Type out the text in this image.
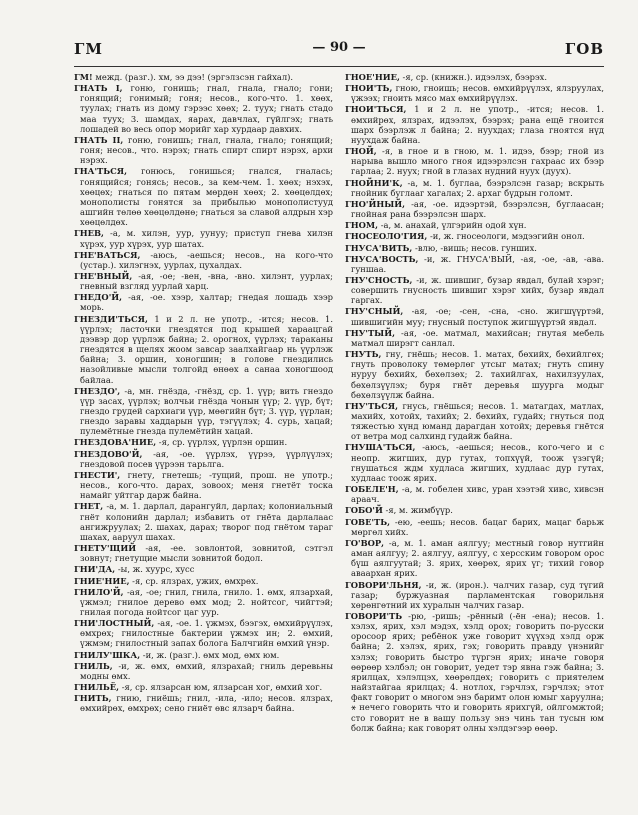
ГМ	— 90 —	ГОВ

ГМ! межд. (разг.). хм, ээ дээ! (эргэлзсэн гайхал).

ГНАТЬ I, гоню, гонишь; гнал, гнала, гнало; гони; гонящий; гонимый; гоня; несов., кого-что. 1. хөөх, туулах; гнать из дому гэрээс хөөх; 2. туух; гнать стадо маа туух; 3. шамдах, яарах, давчлах, гүйлгэх; гнать лошадей во весь опор морийг хар хурдаар давхих.

ГНАТЬ II, гоню, гонишь; гнал, гнала, гнало; гонящий; гоня; несов., что. нэрэх; гнать спирт спирт нэрэх, архи нэрэх.

ГНА'ТЬСЯ, гонюсь, гонишься; гнался, гналась; гонящийся; гонясь; несов., за кем-чем. 1. хөөх; нэхэх, хөөцөх; гнаться по пятам мөрдөн хөөх; 2. хөөцөлдөх; монополисты гонятся за прибылью монополистууд ашгийн төлөө хөөцөлдөнө; гнаться за славой алдрын хэр хөөцөлдөх.

ГНЕВ, -а, м. хилэн, уур, уунуу; приступ гнева хилэн хүрэх, уур хүрэх, уур шатах.

ГНЕ'ВАТЬСЯ, -аюсь, -аешься; несов., на кого-что (устар.). хилэгнэх, уурлах, цухалдах.

ГНЕ'ВНЫЙ, -ая, -ое; -вен, -вна, -вно. хилэнт, уурлах; гневный взгляд уурлай харц.

ГНЕДО'Й, -ая, -ое. хээр, халтар; гнедая лошадь хээр морь.

ГНЕЗДИ'ТЬСЯ, 1 и 2 л. не употр., -ится; несов. 1. үүрлэх; ласточки гнездятся под крышей хараацгай дээвэр дор үүрлэж байна; 2. орогнох, үүрлэх; тараканы гнездятся в щелях жоом завсар заалхайгаар нь үүрлэж байна; 3. оршин, хоногшин; в голове гнездились назойливые мысли толгойд өнөөх а санаа хоногшоод байлаа.

ГНЕЗДО', -а, мн. гнёзда, -гнёзд, ср. 1. үүр; вить гнездо үүр засах, үүрлэх; волчьи гнёзда чонын үүр; 2. үүр, бүт; гнездо грудей сархиаги үүр, мөөгийн бүт; 3. үүр, үүрлан; гнездо заравы хаддарын үүр, тэгүүлэх; 4. сурь, хацай; пулемётные гнезда пулемётийн хацай.

ГНЕЗДОВА'НИЕ, -я, ср. үүрлэх, үүрлэн оршин.

ГНЕЗДОВО'Й, -ая, -ое. үүрлэх, үүрээ, үүрлүүлэх; гнездовой посев үүрээн тарьлга.

ГНЕСТИ', гнету, гнетешь; -тущий, прош. не употр.; несов., кого-что. дарах, зовоох; меня гнетёт тоска намайг уйтгар дарж байна.

ГНЕТ, -а, м. 1. дарлал, дарангуйл, дарлах; колониальный гнёт колонийн дарлал; избавить от гнёта дарлалаас ангижруулах; 2. шахах, дарах; творог под гнётом тараг шахах, ааруул шахах.

ГНЕТУ'ЩИЙ -ая, -ее. зовлонтой, зовнитой, сэтгэл зовнут; гнетущие мысли зовнитой бодол.

ГНИ'ДА, -ы, ж. хуурс, хусс

ГНИЕ'НИЕ, -я, ср. ялзрах, ужих, өмхрөх.

ГНИЛО'Й, -ая, -ое; гнил, гнила, гнило. 1. өмх, ялзархай, үжмэл; гнилое дерево өмх мод; 2. нойтсог, чийгтэй; гнилая погода нойтсог цаг уур.

ГНИ'ЛОСТНЫЙ, -ая, -ое. 1. үжмэх, бээгэх, өмхийрүүлэх, өмхрөх; гнилостные бактерии үжмэх ин; 2. өмхий, үжмэм; гнилостный запах болога Балчгийн өмхий үнэр.

ГНИЛУ'ШКА, -и, ж. (разг.). өмх мод, өмх юм.

ГНИЛЬ, -и, ж. өмх, өмхий, ялзрахай; гниль деревьны модны өмх.

ГНИЛЬЁ, -я, ср. ялзарсан юм, ялзарсан хог, өмхий хог.

ГНИТЬ, гнию, гниёшь; гнил, -ила, -ило; несов. ялзрах, өмхийрөх, өмхрөх; сено гниёт өвс ялзарч байна.

ГНОЕ'НИЕ, -я, ср. (книжн.). идээлэх, бээрэх.

ГНОИ'ТЬ, гною, гноишь; несов. өмхийрүүлэх, ялзруулах, үжээх; гноить мясо мах өмхийрүүлэх.

ГНОИ'ТЬСЯ, 1 и 2 л. не употр., -ится; несов. 1. өмхийрөх, ялзрах, идээлэх, бээрэх; рана ещё гноится шарх бээрлэж л байна; 2. нуухдах; глаза гноятся нүд нуухдаж байна.

ГНОЙ, -я, в гное и в гною, м. 1. идээ, бээр; гной из нарыва вышло много гноя идээрэлсэн гахраас их бээр гарлаа; 2. нуух; гной в глазах нудний нуух (дуух).

ГНОЙНИ'К, -а, м. 1. буглаа, бээрэлсэн газар; вскрыть гнойник буглааг хагалах; 2. архаг бүдрын голомт.

ГНО'ЙНЫЙ, -ая, -ое. идээртэй, бээрэлсэн, буглаасан; гнойная рана бээрэлсэн шарх.

ГНОМ, -а, м. анахай, үлгэрийн одой хүн.

ГНОСЕОЛО'ГИЯ, -и, ж. гносеологи, мэдээгийн онол.

ГНУСА'ВИТЬ, -влю, -вишь; несов. гунших.

ГНУСА'ВОСТЬ, -и, ж. ГНУСА'ВЫЙ, -ая, -ое, -ав, -ава. гуншаа.

ГНУ'СНОСТЬ, -и, ж. шившиг, бузар явдал, булай хэрэг; совершить гнусность шившиг хэрэг хийх, бузар явдал гаргах.

ГНУ'СНЫЙ, -ая, -ое; -сен, -сна, -сно. жигшүүртэй, шившигийн муу; гнусный поступок жигшүүртэй явдал.

ГНУ'ТЫЙ, -ая, -ое. матмал, махийсан; гнутая мебель матмал шиpэгт санлал.

ГНУТЬ, гну, гнёшь; несов. 1. матах, бөхийх, бөхийлгөх; гнуть проволоку төмөрлөг утсыг матах; гнуть спину нуруу бөхийх, бөхөлзөх; 2. тахийлгах, нахилзуулах, бөхөлзүүлэх; буря гнёт деревья шуурга модыг бөхөлзүүлж байна.

ГНУ'ТЬСЯ, гнусь, гнёшься; несов. 1. матагдах, матлах, махийх, хотойх, тахийх; 2. бөхийх, гудайх; гнуться под тяжестью хүнд юманд дарагдан хотойх; деревья гнётся от ветра мод салхинд гудайж байна.

ГНУША'ТЬСЯ, -аюсь, -аешься; несов., кого-чего и с неопр. жигших, дур гутах, топхүүй, тоож үзэгүй; гнушаться ждм худласа жигших, худлаас дур гутах, худлаас тоож ярих.

ГОБЕЛЕ'Н, -а, м. гобелен хивс, уран хээтэй хивс, хивсэн араач.

ГОБО'Й -я, м. жимбүүр.

ГОВЕ'ТЬ, -ею, -еешь; несов. бацаг барих, мацаг барьж мөргөл хийх.

ГО'ВОР, -а, м. 1. аман аялгуу; местный говор нутгийн аман аялгуу; 2. аялгуу, аялгуу, с херсским говором орос бүш аялгуутай; 3. ярих, хөөрөх, ярих үг; тихий говор аваархан ярих.

ГОВОРИ'ЛЬНЯ, -и, ж. (ирон.). чалчих газар, суд түгий газар; буржуазная парламентская говорильня хөрөнгөтний их хуралын чалчих газар.

ГОВОРИ'ТЬ -рю, -ришь; -рённый (-ён -ена); несов. 1. хэлэх, ярих, хэл мэдэх, хэлд орох; говорить по-русски оросоор ярих; ребёнок уже говорит хүүхэд хэлд орж байна; 2. хэлэх, ярих, гэх; говорить правду үнэнийг хэлэх; говорить быстро түргэн ярих; иначе говоря өөрөөр хэлбэл; он говорит, уедет тэр явна гэж байна; 3. ярилцах, хэлэлцэх, хөөрөлдөх; говорить с приятелем найзтайгаа ярилцах; 4. нотлох, гэрчлэх, гэрчлэх; этот факт говорит о многом энэ баримт олон юмыг харуулна; ⚹ нечего говорить что и говорить ярихгүй, ойлгомжтой; сто говорит не в вашу пользу энэ чинь тан тусын юм болж байна; как говорят олны хэлдэгээр өөөр.
